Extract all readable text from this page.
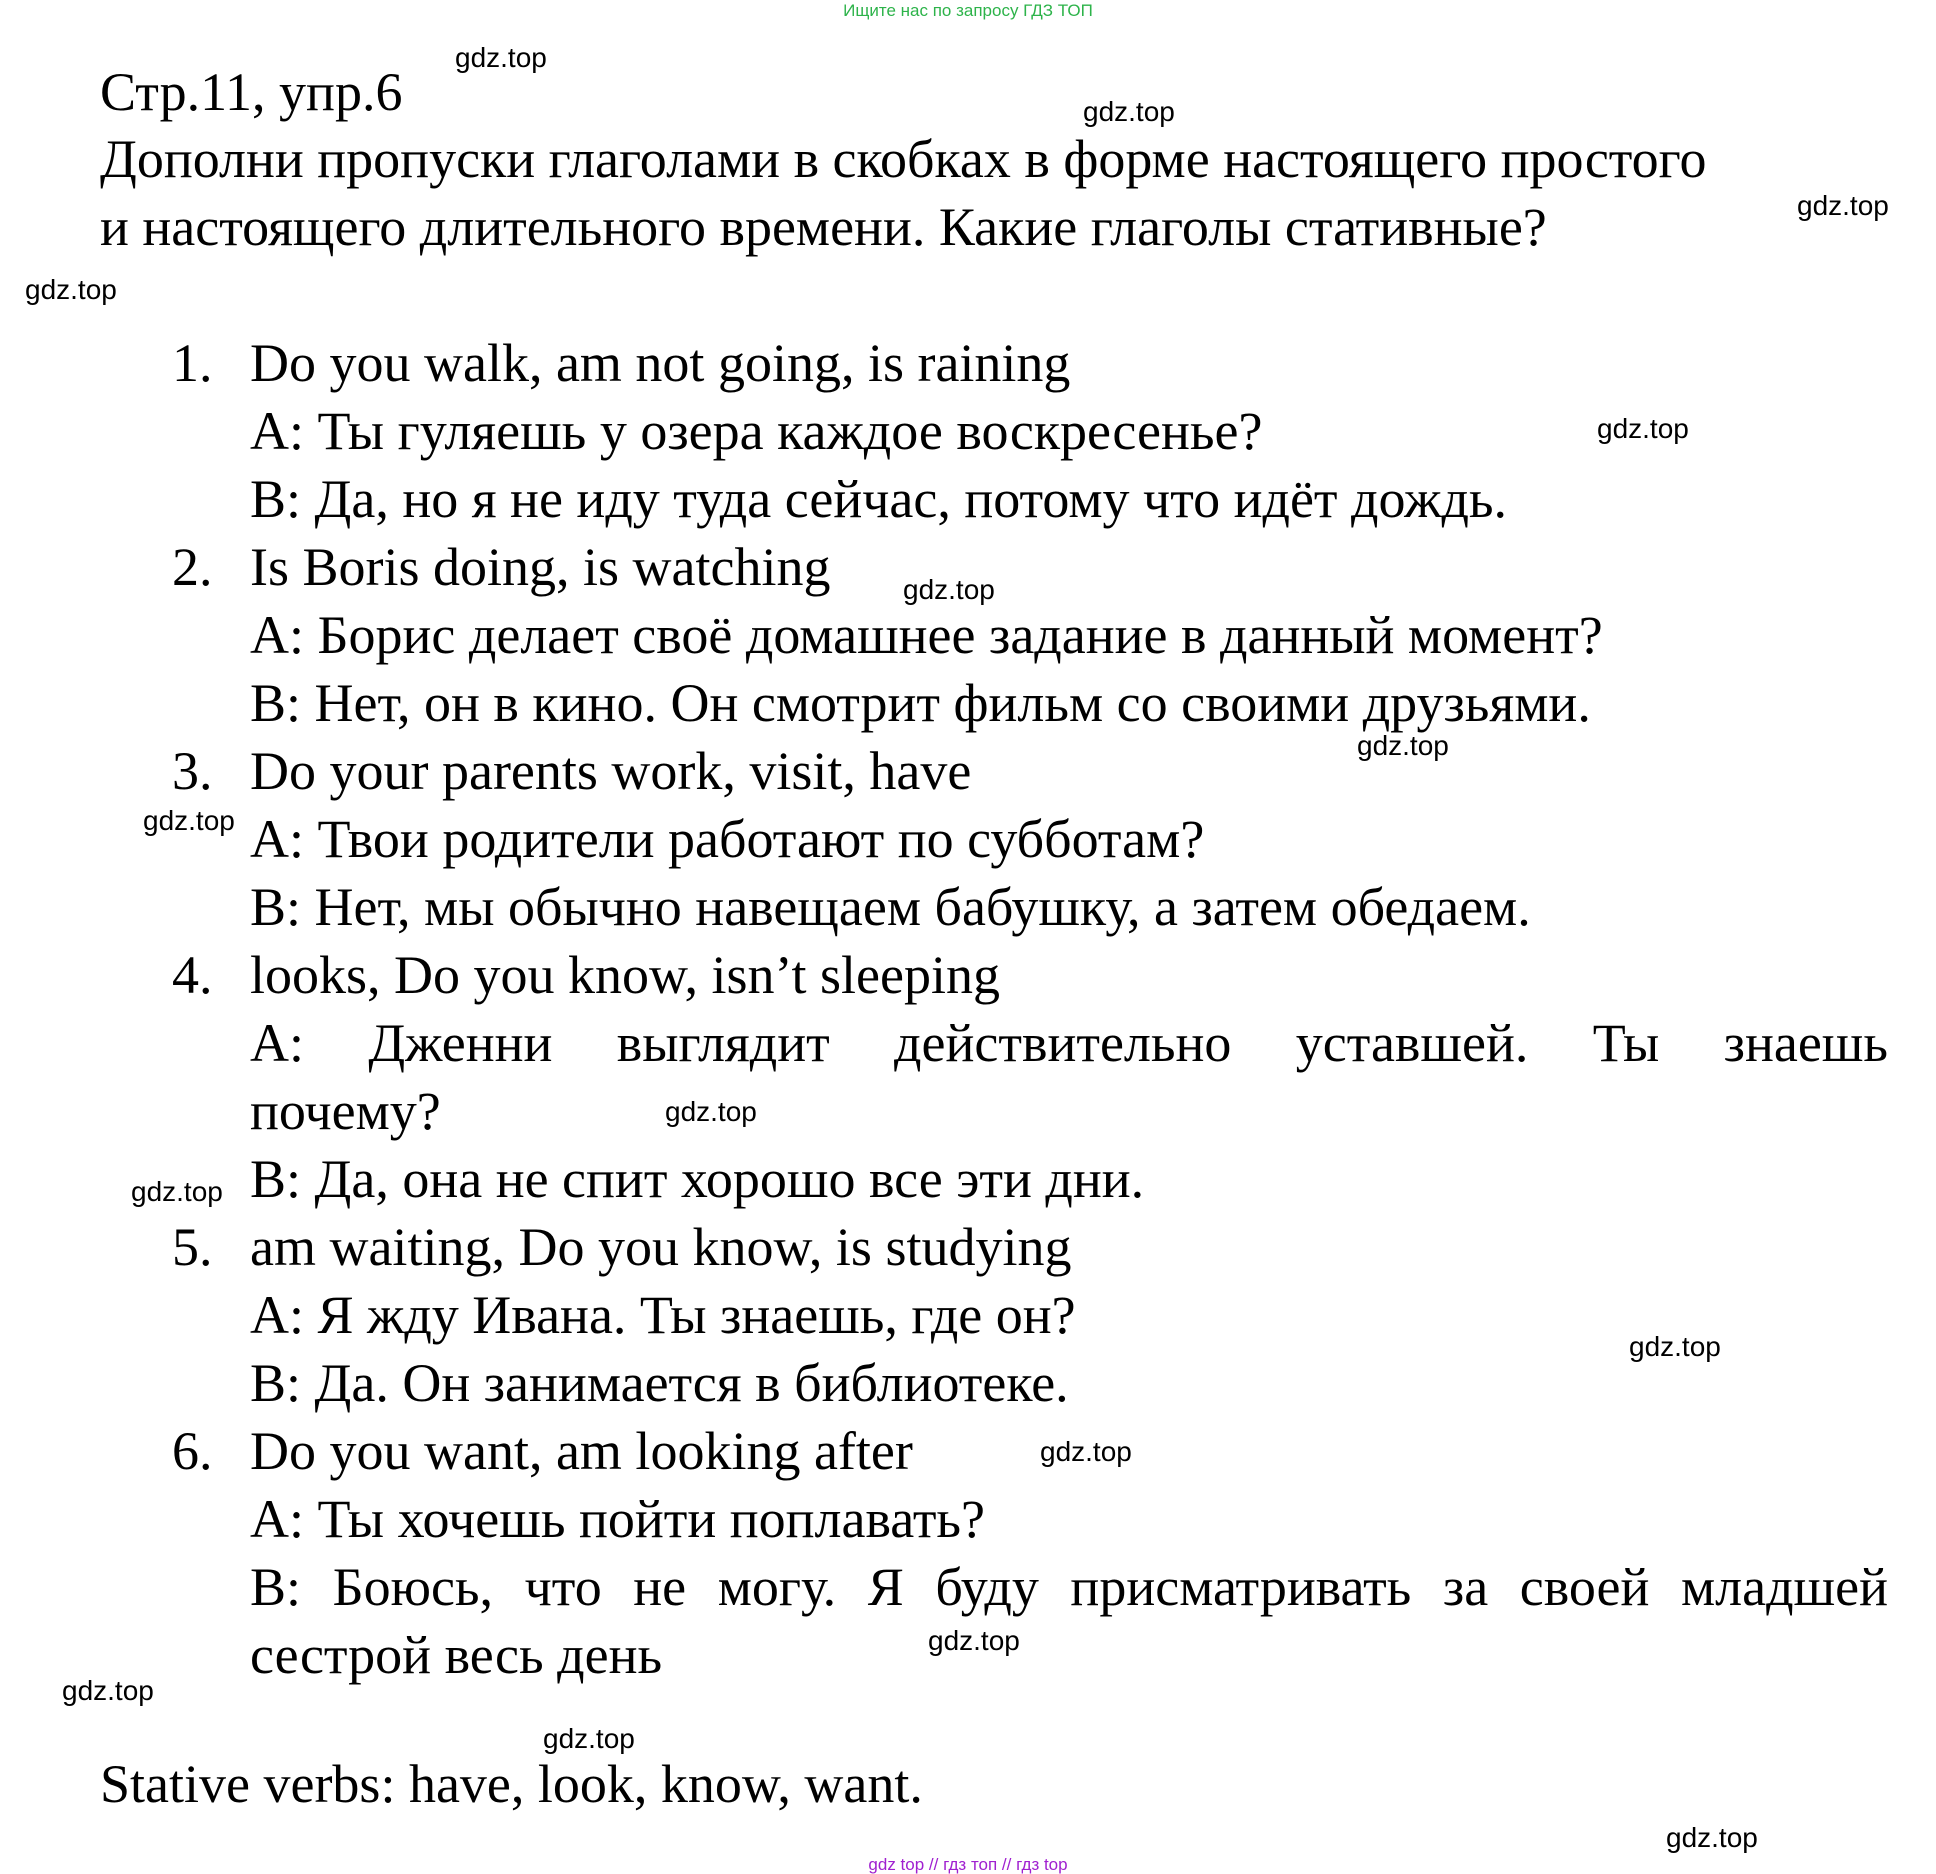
Ищите нас по запросу ГДЗ ТОП
Стр.11, упр.6
Дополни пропуски глаголами в скобках в форме настоящего простого
и настоящего длительного времени. Какие глаголы стативные?
1. Do you walk, am not going, is raining
A: Ты гуляешь у озера каждое воскресенье?
B: Да, но я не иду туда сейчас, потому что идёт дождь.
2. Is Boris doing, is watching
A: Борис делает своё домашнее задание в данный момент?
B: Нет, он в кино. Он смотрит фильм со своими друзьями.
3. Do your parents work, visit, have
A: Твои родители работают по субботам?
B: Нет, мы обычно навещаем бабушку, а затем обедаем.
4. looks, Do you know, isn’t sleeping
A: Дженни выглядит действительно уставшей. Ты знаешь
почему?
B: Да, она не спит хорошо все эти дни.
5. am waiting, Do you know, is studying
A: Я жду Ивана. Ты знаешь, где он?
B: Да. Он занимается в библиотеке.
6. Do you want, am looking after
A: Ты хочешь пойти поплавать?
B: Боюсь, что не могу. Я буду присматривать за своей младшей
сестрой весь день
Stative verbs: have, look, know, want.
gdz.top
gdz.top
gdz.top
gdz.top
gdz.top
gdz.top
gdz.top
gdz.top
gdz.top
gdz.top
gdz.top
gdz.top
gdz.top
gdz.top
gdz.top
gdz.top
gdz top // гдз топ // гдз top
